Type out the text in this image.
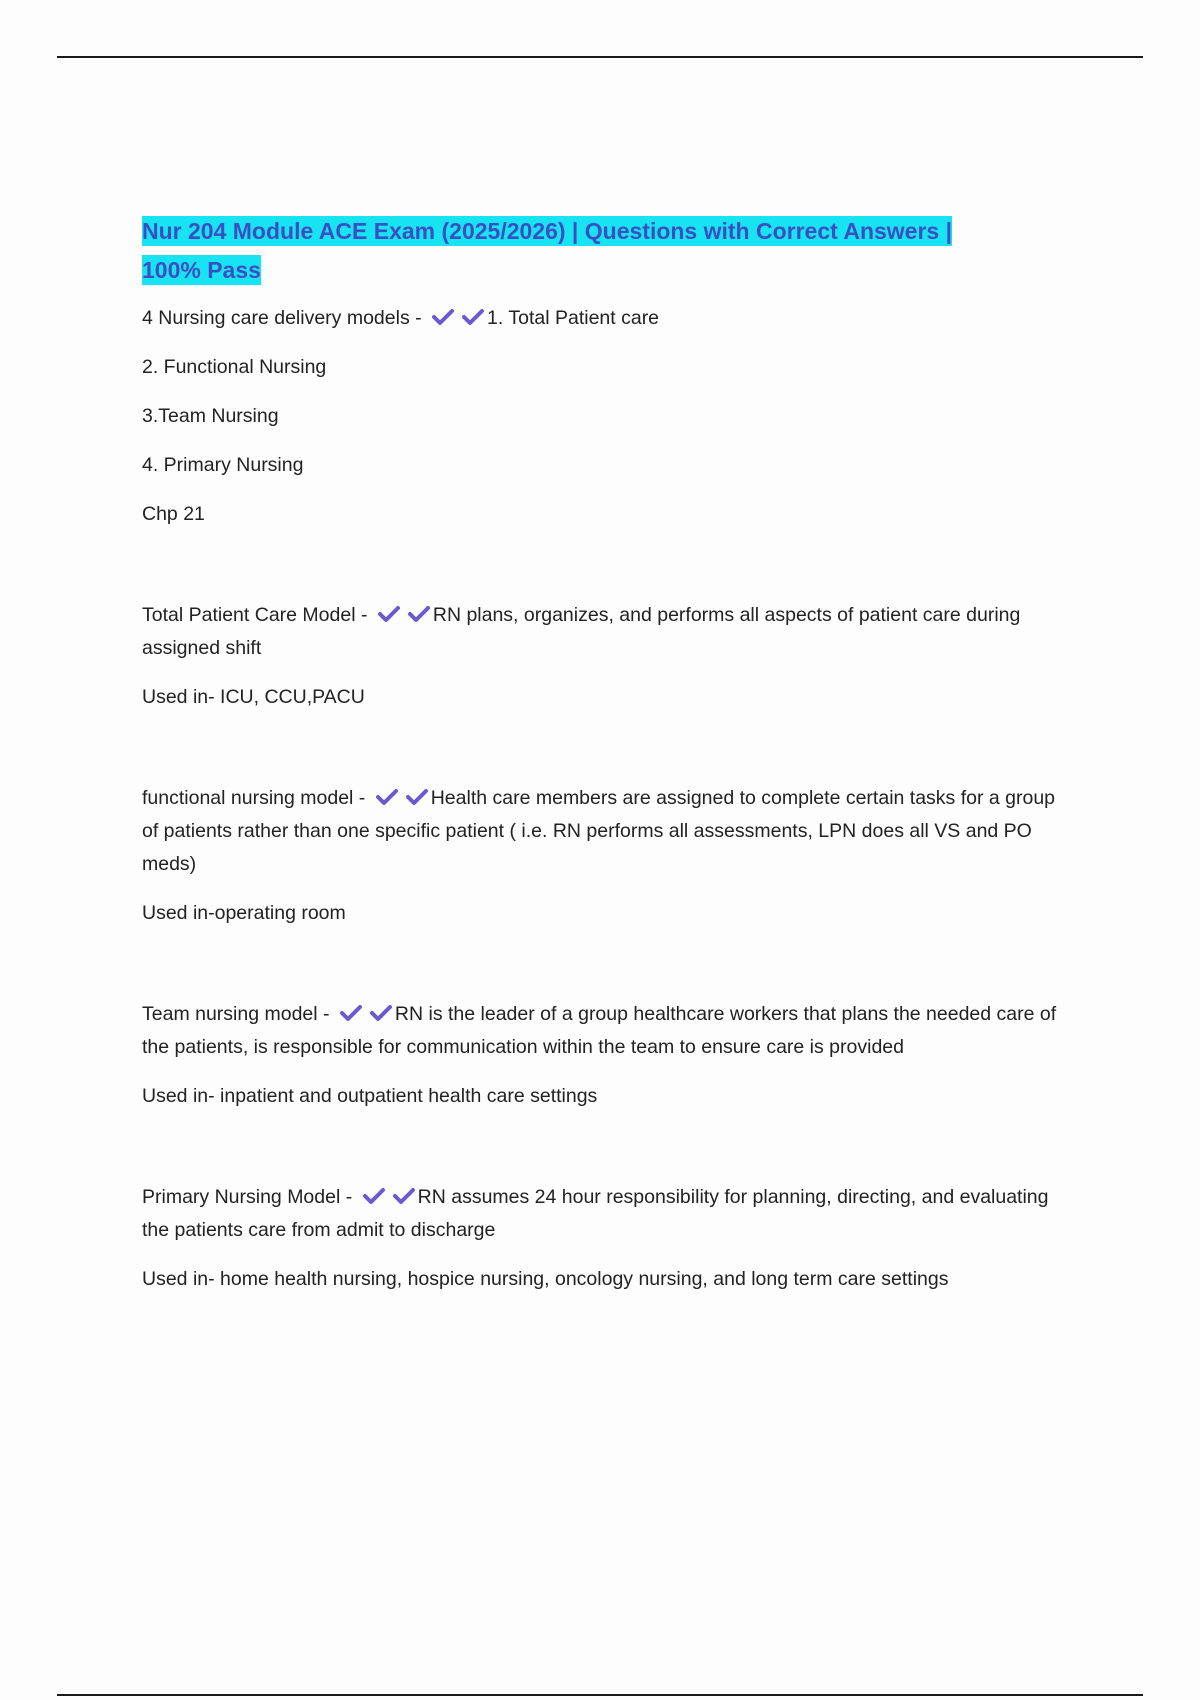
Nur 204 Module ACE Exam (2025/2026) | Questions with Correct Answers |
100% Pass

4 Nursing care delivery models -	1. Total Patient care

2. Functional Nursing

3.Team Nursing

4. Primary Nursing

Chp 21

Total Patient Care Model -	RN plans, organizes, and performs all aspects of patient care during assigned shift

Used in- ICU, CCU,PACU

functional nursing model -	Health care members are assigned to complete certain tasks for a group of patients rather than one specific patient ( i.e. RN performs all assessments, LPN does all VS and PO meds)

Used in-operating room

Team nursing model -	RN is the leader of a group healthcare workers that plans the needed care of the patients, is responsible for communication within the team to ensure care is provided

Used in- inpatient and outpatient health care settings

Primary Nursing Model -	RN assumes 24 hour responsibility for planning, directing, and evaluating the patients care from admit to discharge

Used in- home health nursing, hospice nursing, oncology nursing, and long term care settings
